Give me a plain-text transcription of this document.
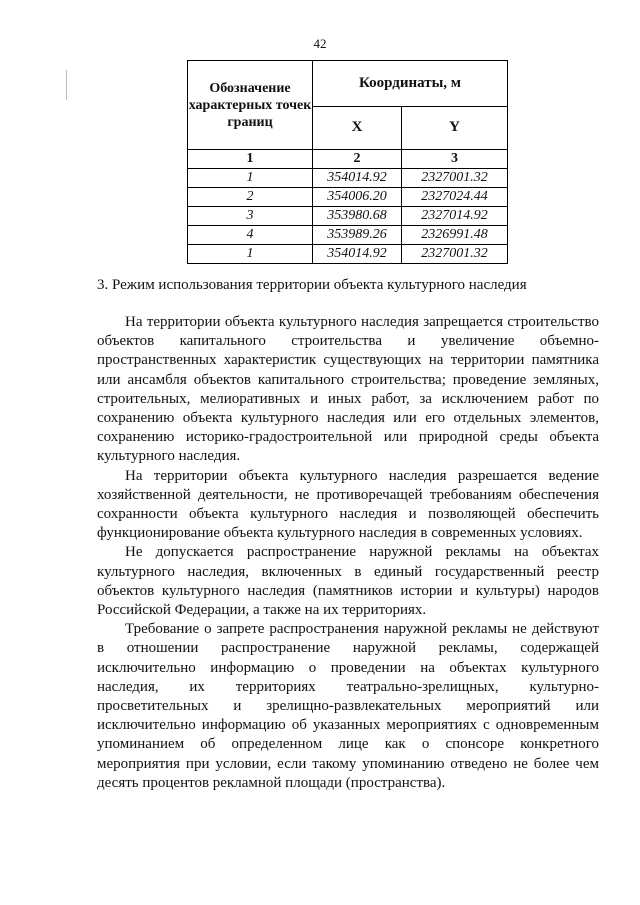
42
Обозначение характерных точек границ	Координаты, м	
	X	Y
1	2	3
1	354014.92	2327001.32
2	354006.20	2327024.44
3	353980.68	2327014.92
4	353989.26	2326991.48
1	354014.92	2327001.32
3. Режим использования территории объекта культурного наследия

На территории объекта культурного наследия запрещается строительство объектов капитального строительства и увеличение объемно-пространственных характеристик существующих на территории памятника или ансамбля объектов капитального строительства; проведение земляных, строительных, мелиоративных и иных работ, за исключением работ по сохранению объекта культурного наследия или его отдельных элементов, сохранению историко-градостроительной или природной среды объекта культурного наследия.

На территории объекта культурного наследия разрешается ведение хозяйственной деятельности, не противоречащей требованиям обеспечения сохранности объекта культурного наследия и позволяющей обеспечить функционирование объекта культурного наследия в современных условиях.

Не допускается распространение наружной рекламы на объектах культурного наследия, включенных в единый государственный реестр объектов культурного наследия (памятников истории и культуры) народов Российской Федерации, а также на их территориях.

Требование о запрете распространения наружной рекламы не действуют в отношении распространение наружной рекламы, содержащей исключительно информацию о проведении на объектах культурного наследия, их территориях театрально-зрелищных, культурно-просветительных и зрелищно-развлекательных мероприятий или исключительно информацию об указанных мероприятиях с одновременным упоминанием об определенном лице как о спонсоре конкретного мероприятия при условии, если такому упоминанию отведено не более чем десять процентов рекламной площади (пространства).
